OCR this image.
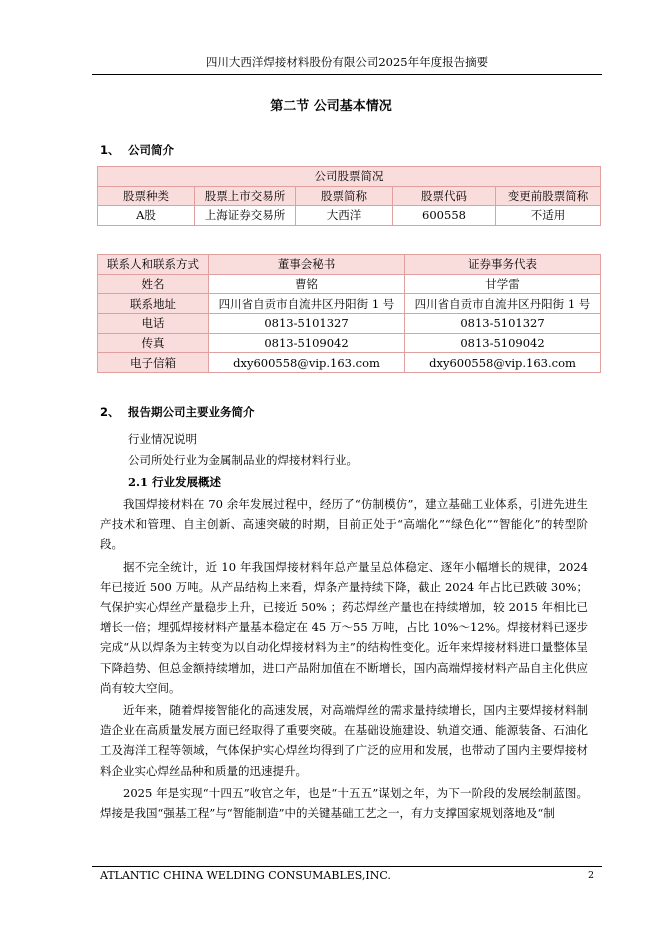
四川大西洋焊接材料股份有限公司2025年年度报告摘要
第二节 公司基本情况
1、 公司简介
公司股票简况				
股票种类	股票上市交易所	股票简称	股票代码	变更前股票简称
A股	上海证券交易所	大西洋	600558	不适用
联系人和联系方式	董事会秘书	证券事务代表
姓名	曹铭	甘学雷
联系地址	四川省自贡市自流井区丹阳街 1 号	四川省自贡市自流井区丹阳街 1 号
电话	0813-5101327	0813-5101327
传真	0813-5109042	0813-5109042
电子信箱	dxy600558@vip.163.com	dxy600558@vip.163.com
2、 报告期公司主要业务简介
行业情况说明
公司所处行业为金属制品业的焊接材料行业。
2.1 行业发展概述

我国焊接材料在 70 余年发展过程中，经历了“仿制模仿”，建立基础工业体系，引进先进生产技术和管理、自主创新、高速突破的时期，目前正处于“高端化”“绿色化”“智能化”的转型阶段。

据不完全统计，近 10 年我国焊接材料年总产量呈总体稳定、逐年小幅增长的规律，2024 年已接近 500 万吨。从产品结构上来看，焊条产量持续下降，截止 2024 年占比已跌破 30%；气保护实心焊丝产量稳步上升，已接近 50% ；药芯焊丝产量也在持续增加，较 2015 年相比已增长一倍；埋弧焊接材料产量基本稳定在 45 万～55 万吨，占比 10%～12%。焊接材料已逐步完成“从以焊条为主转变为以自动化焊接材料为主”的结构性变化。近年来焊接材料进口量整体呈下降趋势、但总金额持续增加，进口产品附加值在不断增长，国内高端焊接材料产品自主化供应尚有较大空间。

近年来，随着焊接智能化的高速发展，对高端焊丝的需求量持续增长，国内主要焊接材料制造企业在高质量发展方面已经取得了重要突破。在基础设施建设、轨道交通、能源装备、石油化工及海洋工程等领域，气体保护实心焊丝均得到了广泛的应用和发展，也带动了国内主要焊接材料企业实心焊丝品种和质量的迅速提升。

2025 年是实现“十四五”收官之年，也是“十五五”谋划之年，为下一阶段的发展绘制蓝图。焊接是我国“强基工程”与“智能制造”中的关键基础工艺之一，有力支撑国家规划落地及“制

ATLANTIC CHINA WELDING CONSUMABLES,INC.	2
